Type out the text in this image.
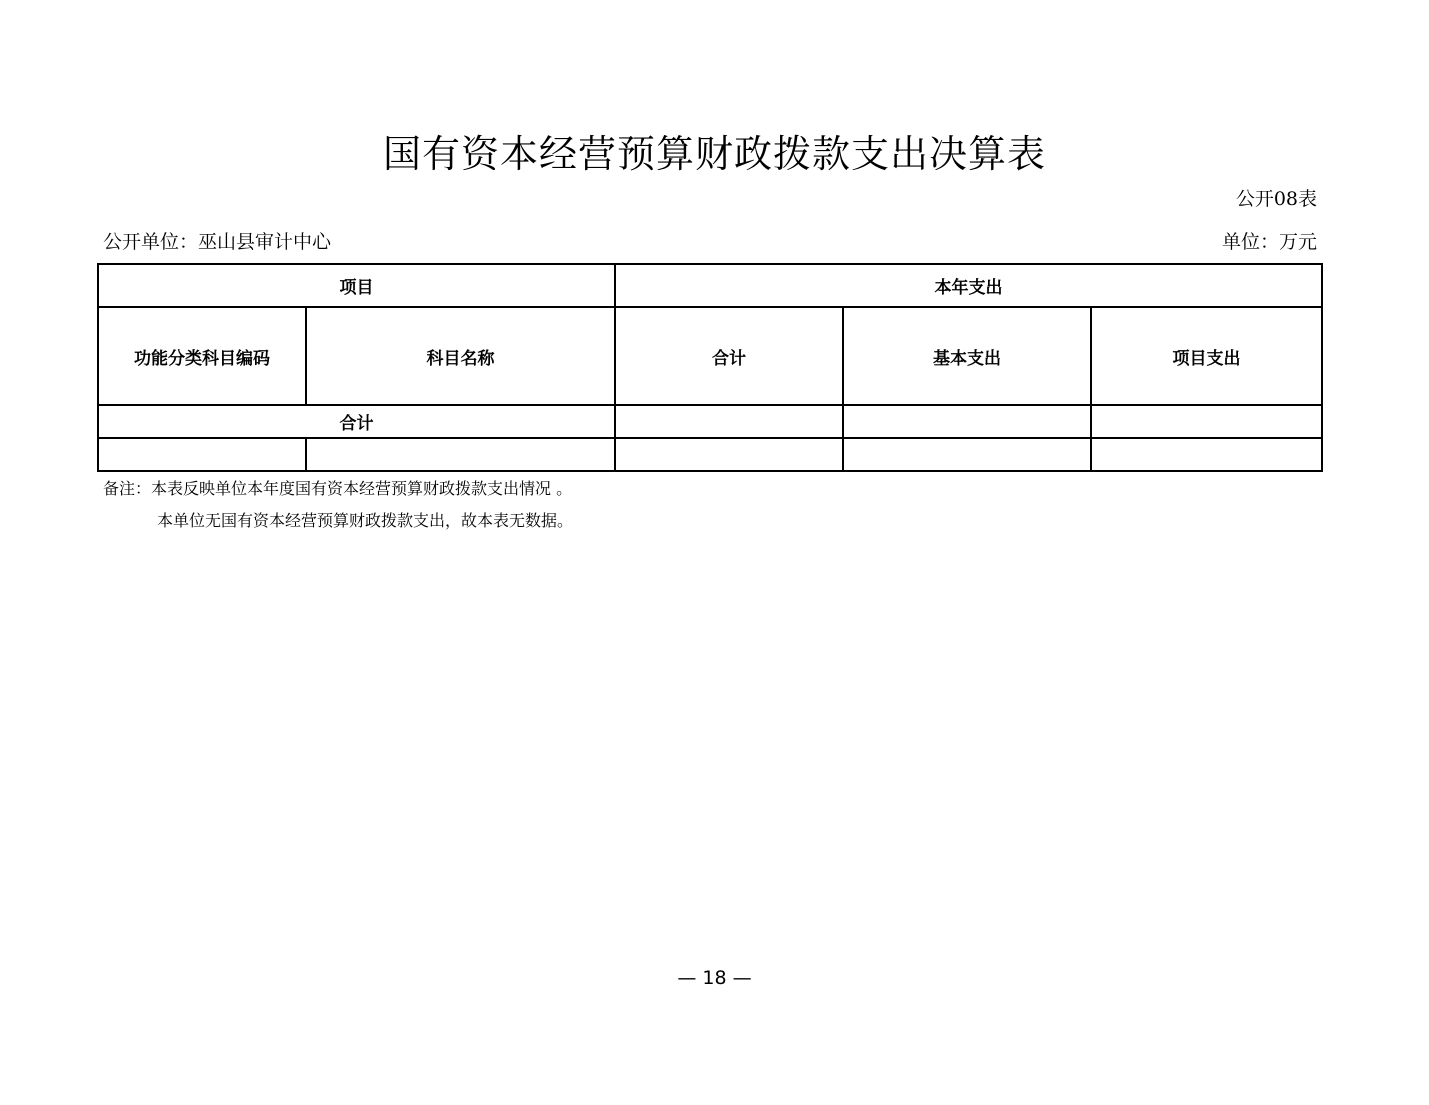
国有资本经营预算财政拨款支出决算表
公开08表
公开单位：巫山县审计中心	单位：万元
项目		本年支出		
功能分类科目编码	科目名称	合计	基本支出	项目支出
合计				

备注：本表反映单位本年度国有资本经营预算财政拨款支出情况 。
本单位无国有资本经营预算财政拨款支出，故本表无数据。
— 18 —
